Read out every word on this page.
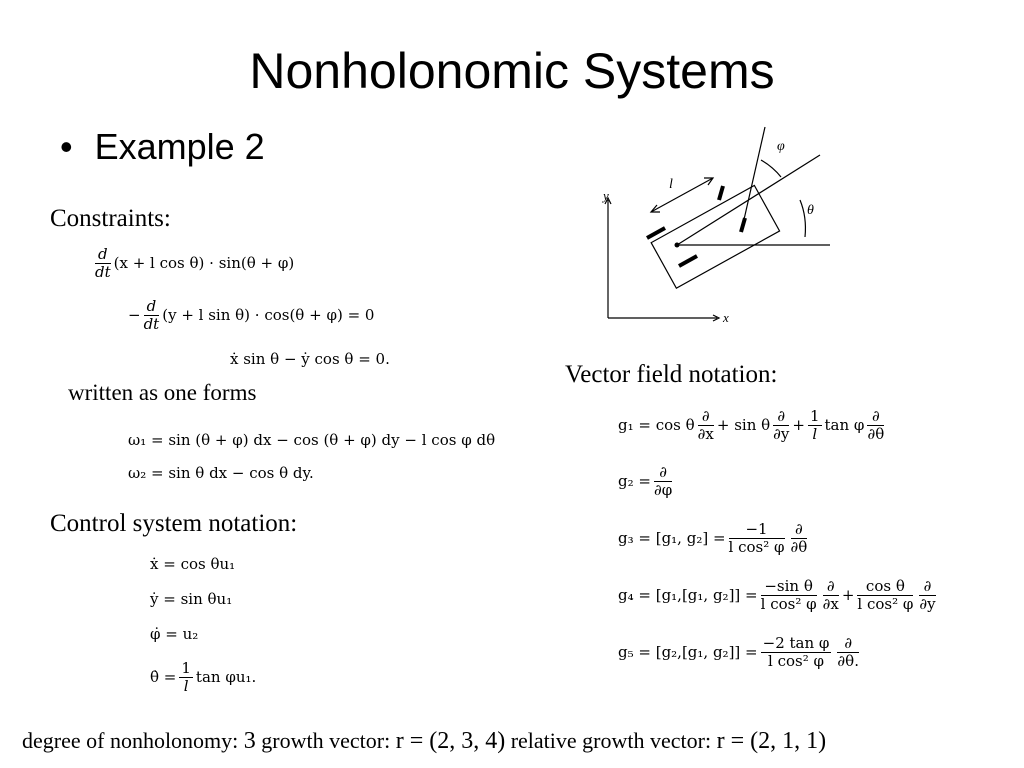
Nonholonomic Systems
• Example 2
Constraints:
$\frac{d}{dt} (x + l$ cos θ) · sin(θ + φ)
− $\frac{d}{dt} (y + l$ sin θ) · cos(θ + φ) = 0
ẋ sin θ − ẏ cos θ = 0.
written as one forms
ω₁ = sin (θ + φ) dx − cos (θ + φ) dy − l cos φ dθ
ω₂ = sin θ dx − cos θ dy.
Control system notation:
ẋ = cos θu₁
ẏ = sin θu₁
φ̇ = u₂
θ̇ = $\frac{1}{l}$ tan φu₁.
y
x
l
φ
θ
Vector field notation:
g₁ = cos θ $\frac{\partial}{\partial x} + \sin \theta \frac{\partial}{\partial y} + \frac{1}{l}$ tan φ $\frac{\partial}{\partial\theta}$
$g_2 = \frac{\partial}{\partial\varphi}$
g₃ = [g₁, $g_2] = \frac{-1}{\text{l cos² φ}} \frac{\partial}{\partial\theta}$
g₄ = [g₁,[g₁, $g_2]] = \frac{\text{−sin θ}}{\text{l cos² φ}} \frac{\partial}{\partial x} + \frac{\text{cos θ}}{\text{l cos² φ}} \frac{\partial}{\partial y}$
g₅ = [g₂,[g₁, $g_2]] = \frac{\text{−2 tan φ}}{\text{l cos² φ}} \frac{\partial}{\partial\theta.}$
degree of nonholonomy: 3 growth vector: r = (2, 3, 4) relative growth vector: r = (2, 1, 1)
